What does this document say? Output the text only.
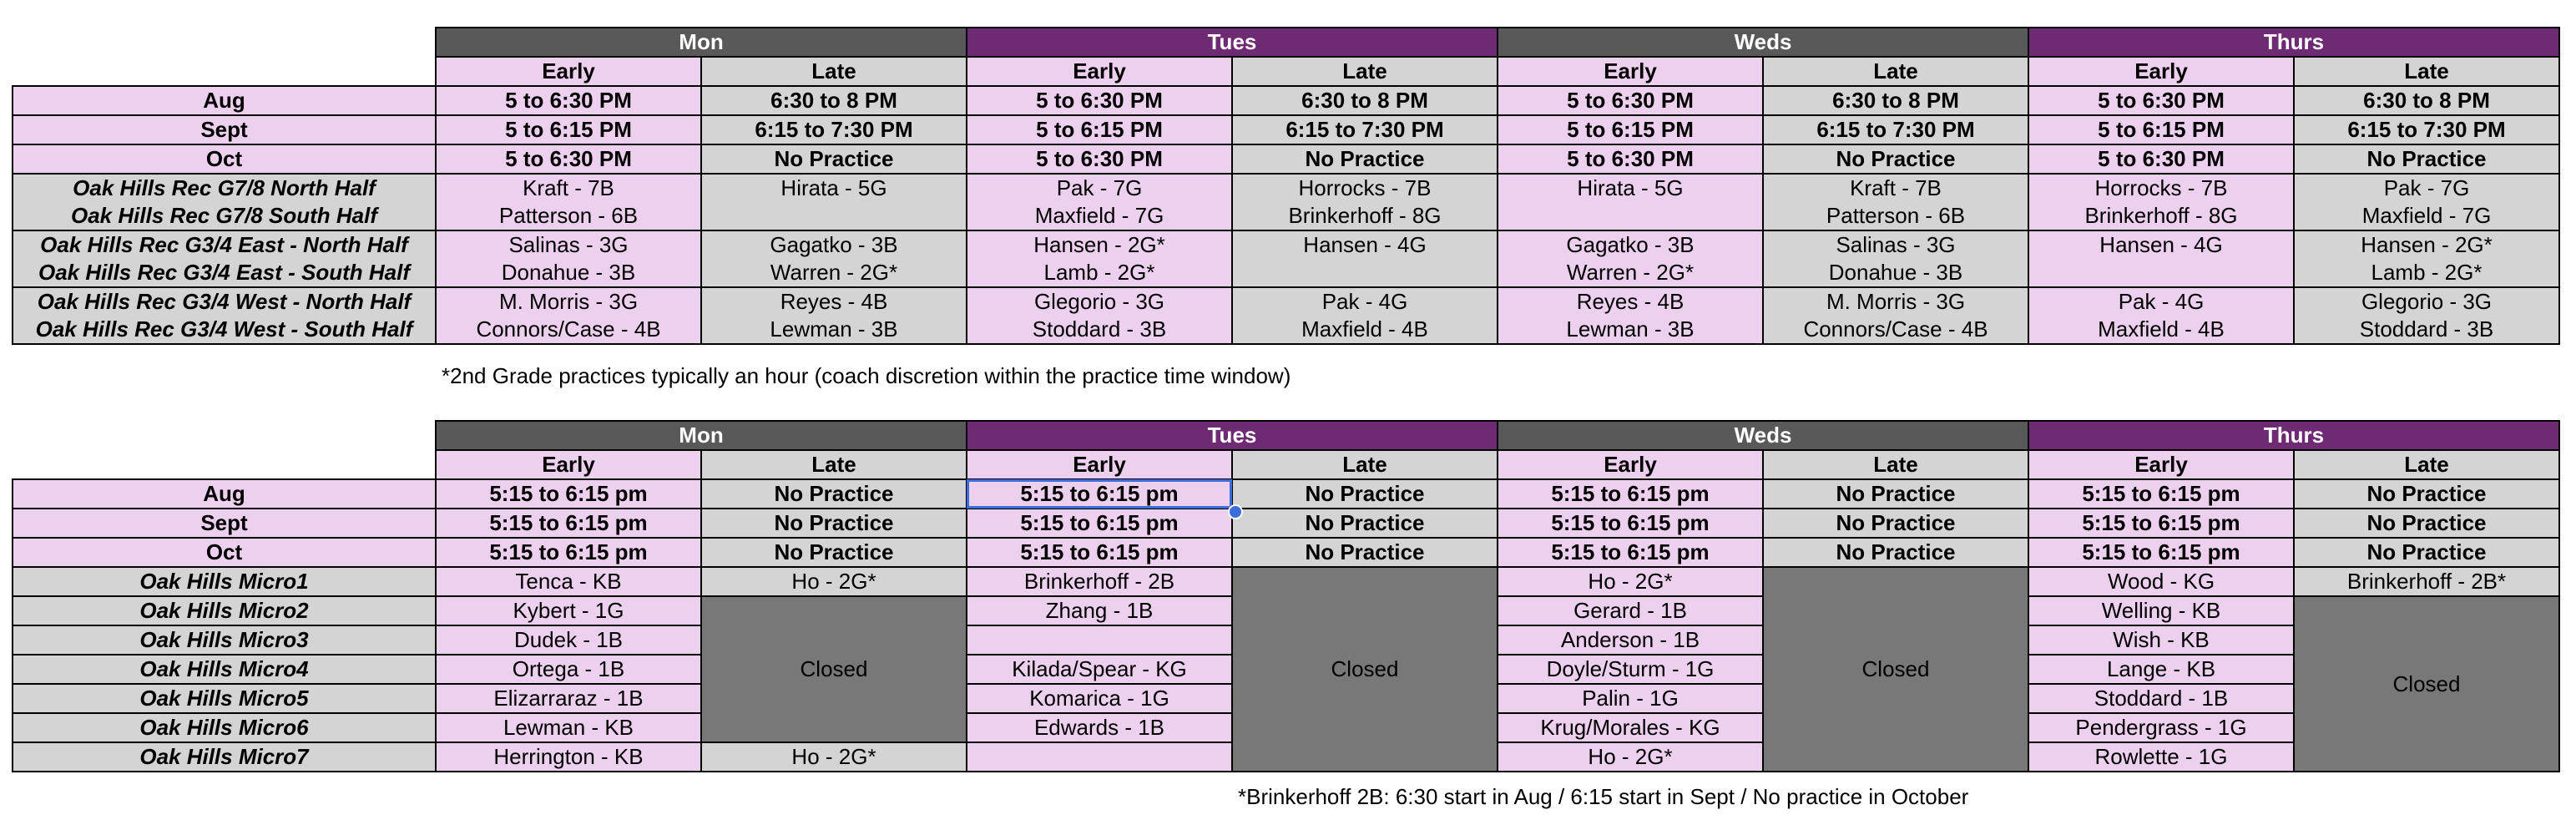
	Mon		Tues		Weds		Thurs	
	Early	Late	Early	Late	Early	Late	Early	Late
Aug	5 to 6:30 PM	6:30 to 8 PM	5 to 6:30 PM	6:30 to 8 PM	5 to 6:30 PM	6:30 to 8 PM	5 to 6:30 PM	6:30 to 8 PM
Sept	5 to 6:15 PM	6:15 to 7:30 PM	5 to 6:15 PM	6:15 to 7:30 PM	5 to 6:15 PM	6:15 to 7:30 PM	5 to 6:15 PM	6:15 to 7:30 PM
Oct	5 to 6:30 PM	No Practice	5 to 6:30 PM	No Practice	5 to 6:30 PM	No Practice	5 to 6:30 PM	No Practice
Oak Hills Rec G7/8 North Half	Kraft - 7B	Hirata - 5G	Pak - 7G	Horrocks - 7B	Hirata - 5G	Kraft - 7B	Horrocks - 7B	Pak - 7G
Oak Hills Rec G7/8 South Half	Patterson - 6B		Maxfield - 7G	Brinkerhoff - 8G		Patterson - 6B	Brinkerhoff - 8G	Maxfield - 7G
Oak Hills Rec G3/4 East - North Half	Salinas - 3G	Gagatko - 3B	Hansen - 2G*	Hansen - 4G	Gagatko - 3B	Salinas - 3G	Hansen - 4G	Hansen - 2G*
Oak Hills Rec G3/4 East - South Half	Donahue - 3B	Warren - 2G*	Lamb - 2G*		Warren - 2G*	Donahue - 3B		Lamb - 2G*
Oak Hills Rec G3/4 West - North Half	M. Morris - 3G	Reyes - 4B	Glegorio - 3G	Pak - 4G	Reyes - 4B	M. Morris - 3G	Pak - 4G	Glegorio - 3G
Oak Hills Rec G3/4 West - South Half	Connors/Case - 4B	Lewman - 3B	Stoddard - 3B	Maxfield - 4B	Lewman - 3B	Connors/Case - 4B	Maxfield - 4B	Stoddard - 3B
*2nd Grade practices typically an hour (coach discretion within the practice time window)
	Mon		Tues		Weds		Thurs	
	Early	Late	Early	Late	Early	Late	Early	Late
Aug	5:15 to 6:15 pm	No Practice	5:15 to 6:15 pm	No Practice	5:15 to 6:15 pm	No Practice	5:15 to 6:15 pm	No Practice
Sept	5:15 to 6:15 pm	No Practice	5:15 to 6:15 pm	No Practice	5:15 to 6:15 pm	No Practice	5:15 to 6:15 pm	No Practice
Oct	5:15 to 6:15 pm	No Practice	5:15 to 6:15 pm	No Practice	5:15 to 6:15 pm	No Practice	5:15 to 6:15 pm	No Practice
Oak Hills Micro1	Tenca - KB	Ho - 2G*	Brinkerhoff - 2B	Closed	Ho - 2G*	Closed	Wood - KG	Brinkerhoff - 2B*
Oak Hills Micro2	Kybert - 1G	Closed	Zhang - 1B		Gerard - 1B		Welling - KB	Closed
Oak Hills Micro3	Dudek - 1B				Anderson - 1B		Wish - KB	
Oak Hills Micro4	Ortega - 1B		Kilada/Spear - KG		Doyle/Sturm - 1G		Lange - KB	
Oak Hills Micro5	Elizarraraz - 1B		Komarica - 1G		Palin - 1G		Stoddard - 1B	
Oak Hills Micro6	Lewman - KB		Edwards - 1B		Krug/Morales - KG		Pendergrass - 1G	
Oak Hills Micro7	Herrington - KB	Ho - 2G*			Ho - 2G*		Rowlette - 1G	
*Brinkerhoff 2B: 6:30 start in Aug / 6:15 start in Sept / No practice in October
